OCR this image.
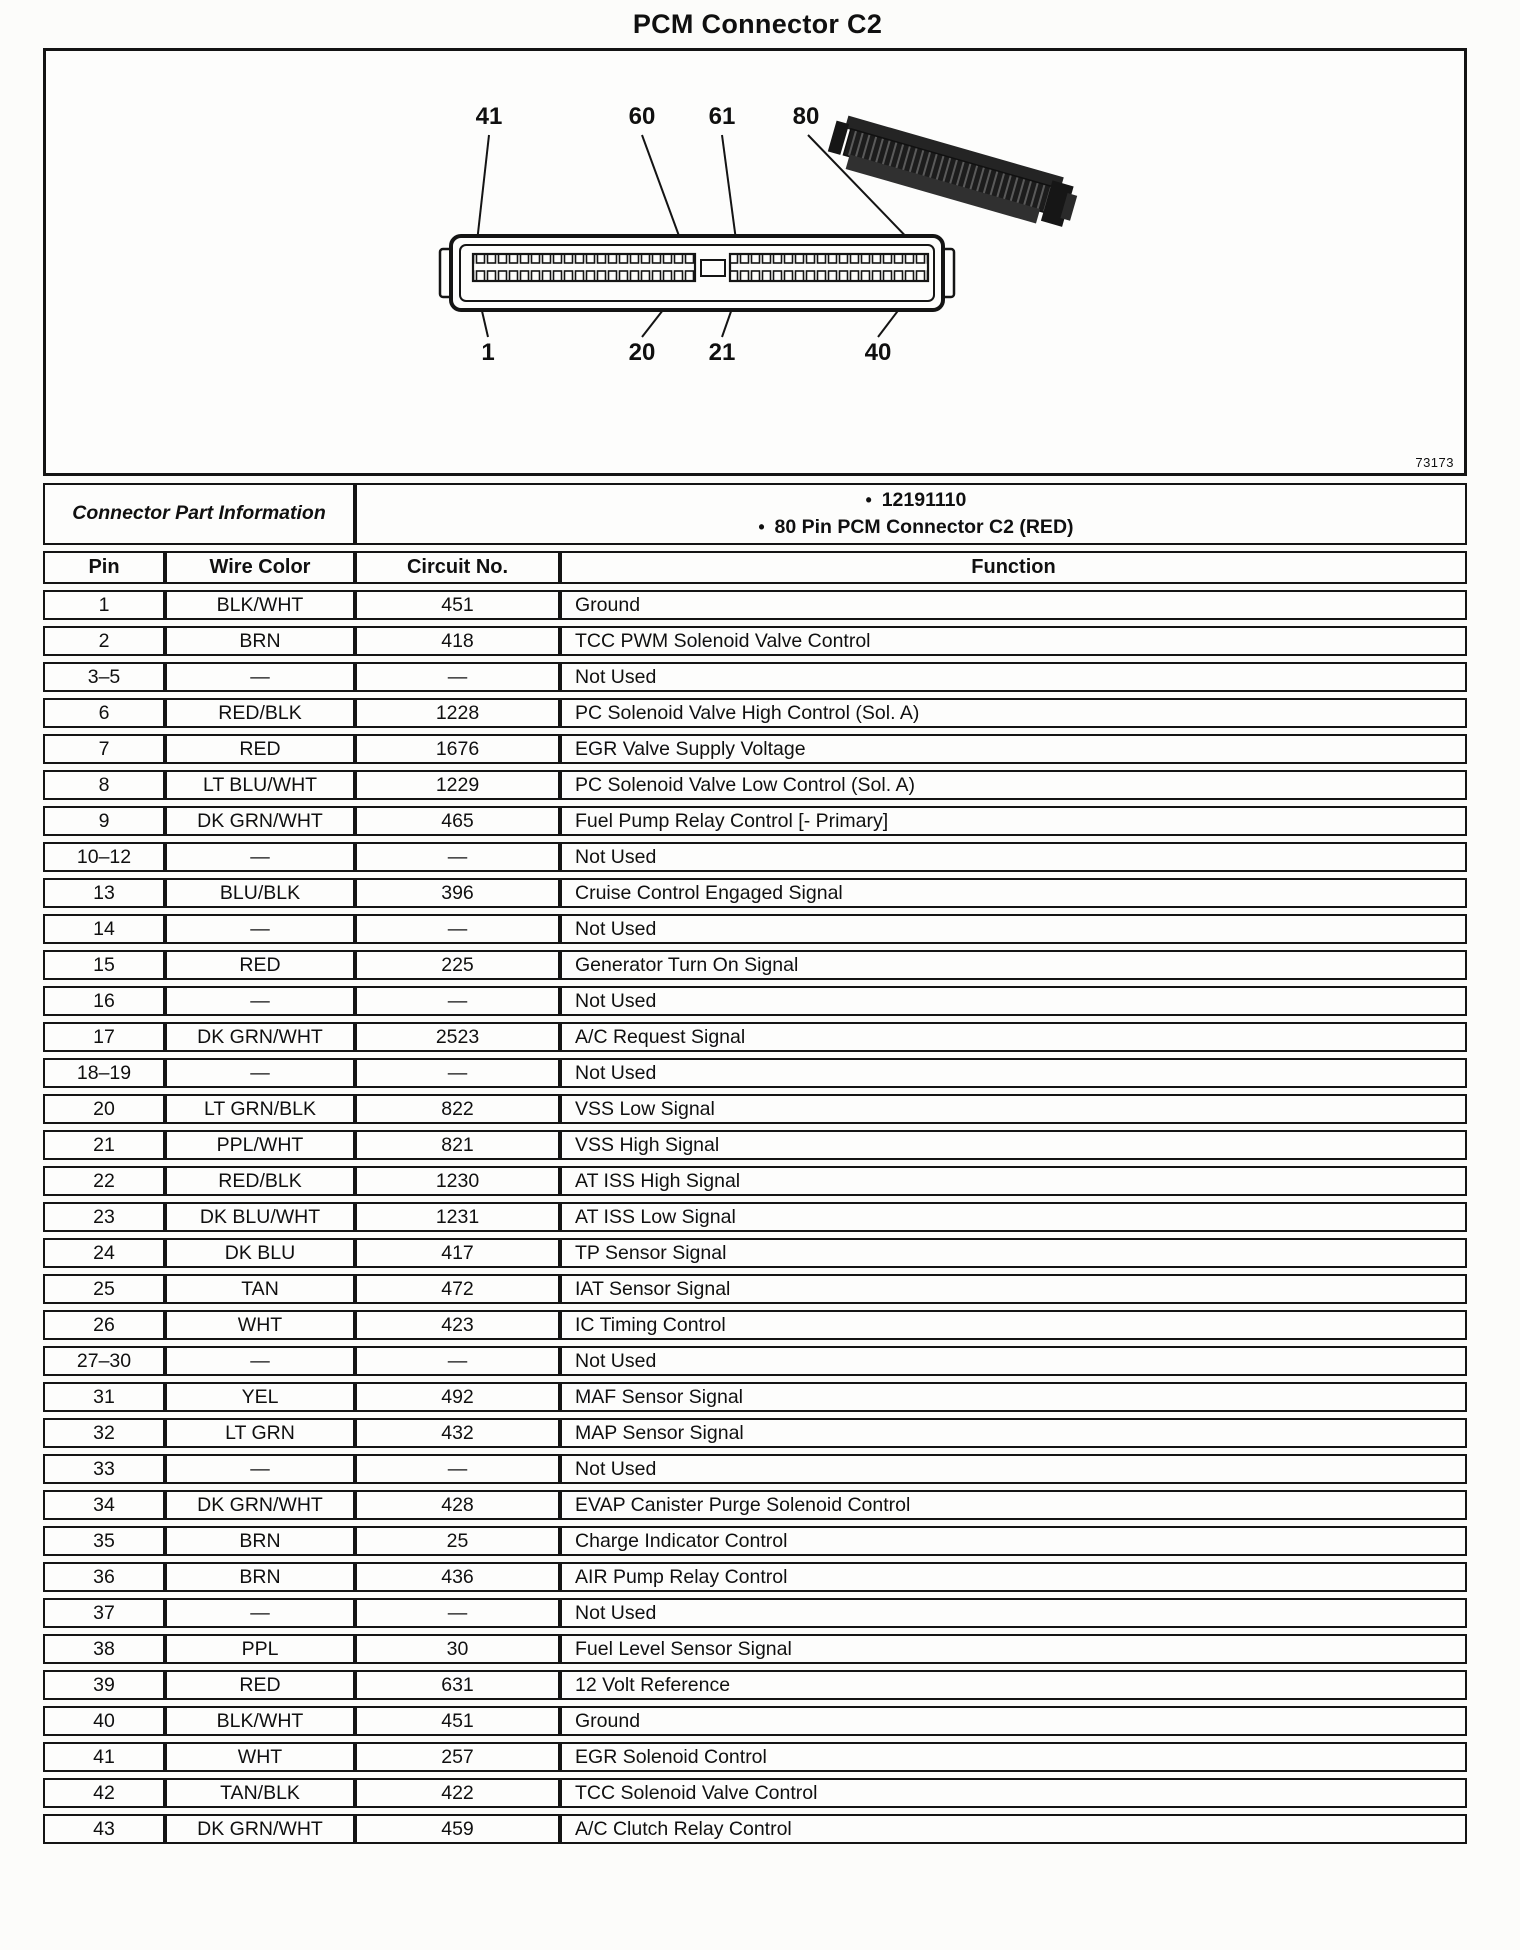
PCM Connector C2
41	60 61 80
1	20 21	40
73173
Connector Part Information		• 12191110
• 80 Pin PCM Connector C2 (RED)	

Pin	Wire Color	Circuit No.	Function
1	BLK/WHT	451	Ground
2	BRN	418	TCC PWM Solenoid Valve Control
3–5	—	—	Not Used
6	RED/BLK	1228	PC Solenoid Valve High Control (Sol. A)
7	RED	1676	EGR Valve Supply Voltage
8	LT BLU/WHT	1229	PC Solenoid Valve Low Control (Sol. A)
9	DK GRN/WHT	465	Fuel Pump Relay Control [- Primary]
10–12	—	—	Not Used
13	BLU/BLK	396	Cruise Control Engaged Signal
14	—	—	Not Used
15	RED	225	Generator Turn On Signal
16	—	—	Not Used
17	DK GRN/WHT	2523	A/C Request Signal
18–19	—	—	Not Used
20	LT GRN/BLK	822	VSS Low Signal
21	PPL/WHT	821	VSS High Signal
22	RED/BLK	1230	AT ISS High Signal
23	DK BLU/WHT	1231	AT ISS Low Signal
24	DK BLU	417	TP Sensor Signal
25	TAN	472	IAT Sensor Signal
26	WHT	423	IC Timing Control
27–30	—	—	Not Used
31	YEL	492	MAF Sensor Signal
32	LT GRN	432	MAP Sensor Signal
33	—	—	Not Used
34	DK GRN/WHT	428	EVAP Canister Purge Solenoid Control
35	BRN	25	Charge Indicator Control
36	BRN	436	AIR Pump Relay Control
37	—	—	Not Used
38	PPL	30	Fuel Level Sensor Signal
39	RED	631	12 Volt Reference
40	BLK/WHT	451	Ground
41	WHT	257	EGR Solenoid Control
42	TAN/BLK	422	TCC Solenoid Valve Control
43	DK GRN/WHT	459	A/C Clutch Relay Control
